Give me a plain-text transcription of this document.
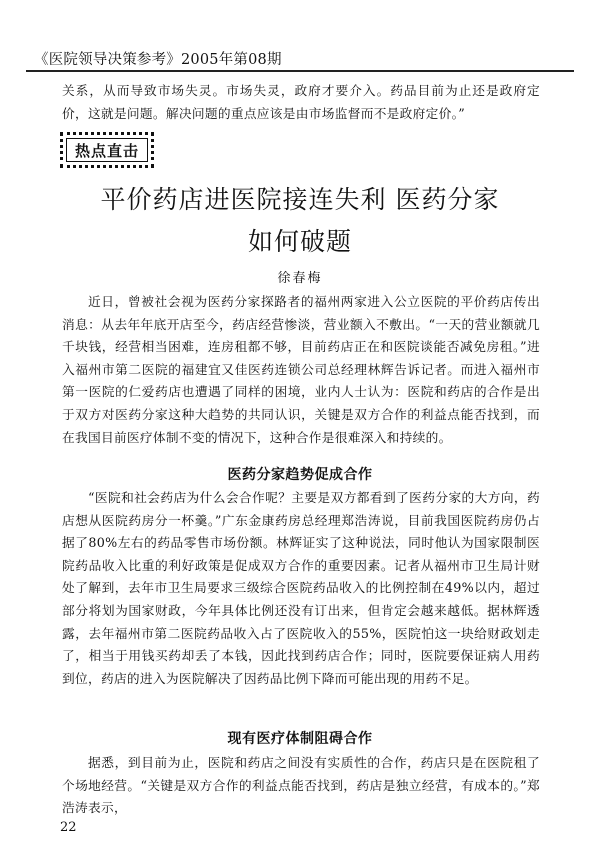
《医院领导决策参考》2005年第08期
关系，从而导致市场失灵。市场失灵，政府才要介入。药品目前为止还是政府定价，这就是问题。解决问题的重点应该是由市场监督而不是政府定价。”
热点直击
平价药店进医院接连失利 医药分家
如何破题
徐春梅
近日，曾被社会视为医药分家探路者的福州两家进入公立医院的平价药店传出消息：从去年年底开店至今，药店经营惨淡，营业额入不敷出。“一天的营业额就几千块钱，经营相当困难，连房租都不够，目前药店正在和医院谈能否减免房租。”进入福州市第二医院的福建宜又佳医药连锁公司总经理林辉告诉记者。而进入福州市第一医院的仁爱药店也遭遇了同样的困境，业内人士认为：医院和药店的合作是出于双方对医药分家这种大趋势的共同认识，关键是双方合作的利益点能否找到，而在我国目前医疗体制不变的情况下，这种合作是很难深入和持续的。
医药分家趋势促成合作
“医院和社会药店为什么会合作呢？主要是双方都看到了医药分家的大方向，药店想从医院药房分一杯羹。”广东金康药房总经理郑浩涛说，目前我国医院药房仍占据了80%左右的药品零售市场份额。林辉证实了这种说法，同时他认为国家限制医院药品收入比重的利好政策是促成双方合作的重要因素。记者从福州市卫生局计财处了解到，去年市卫生局要求三级综合医院药品收入的比例控制在49%以内，超过部分将划为国家财政，今年具体比例还没有订出来，但肯定会越来越低。据林辉透露，去年福州市第二医院药品收入占了医院收入的55%，医院怕这一块给财政划走了，相当于用钱买药却丢了本钱，因此找到药店合作；同时，医院要保证病人用药到位，药店的进入为医院解决了因药品比例下降而可能出现的用药不足。
现有医疗体制阻碍合作
据悉，到目前为止，医院和药店之间没有实质性的合作，药店只是在医院租了个场地经营。“关键是双方合作的利益点能否找到，药店是独立经营，有成本的。”郑浩涛表示，
22
